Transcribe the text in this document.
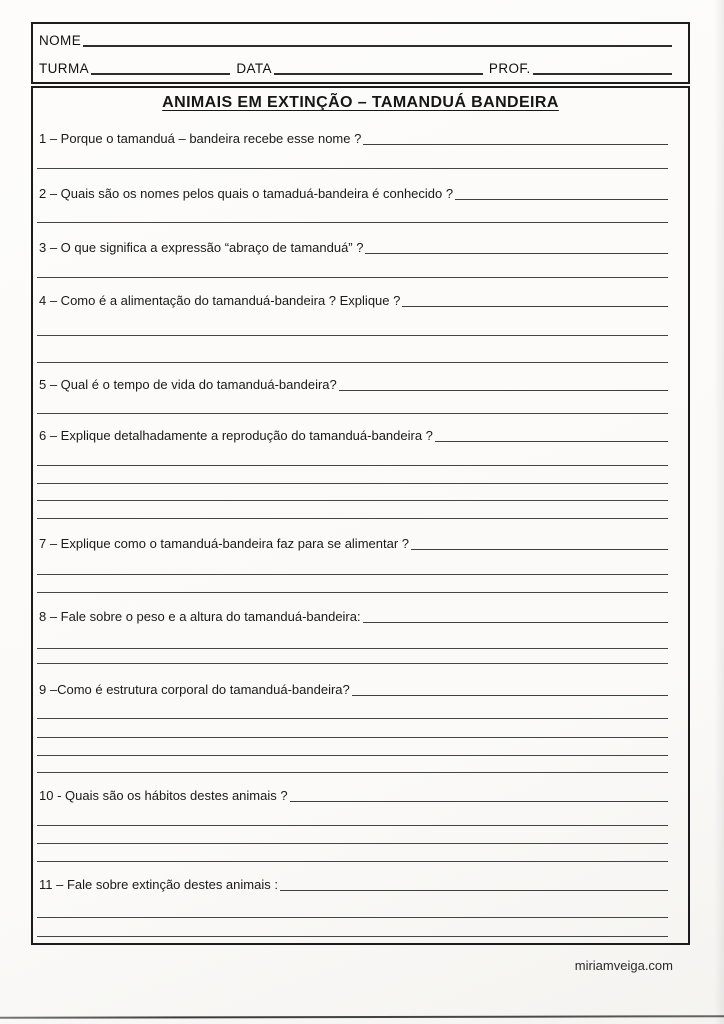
NOME
TURMA	DATA	PROF.
ANIMAIS EM EXTINÇÃO – TAMANDUÁ BANDEIRA
1 – Porque o tamanduá – bandeira recebe esse nome ?
2 – Quais são os nomes pelos quais o tamaduá-bandeira é conhecido ?
3 – O que significa a expressão “abraço de tamanduá” ?
4 – Como é a alimentação do tamanduá-bandeira ? Explique ?
5 – Qual é o tempo de vida do tamanduá-bandeira?
6 – Explique detalhadamente a reprodução do tamanduá-bandeira ?
7 – Explique como o tamanduá-bandeira faz para se alimentar ?
8 – Fale sobre o peso e a altura do tamanduá-bandeira:
9 –Como é estrutura corporal do tamanduá-bandeira?
10 - Quais são os hábitos destes animais ?
11 – Fale sobre extinção destes animais :
miriamveiga.com
